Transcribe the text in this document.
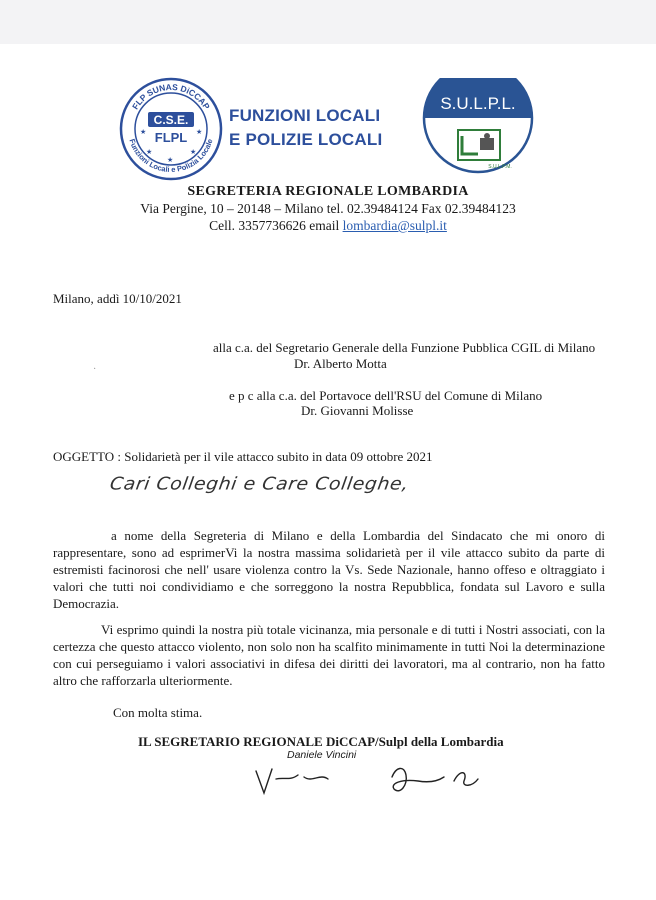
FLP SUNAS DiCCAP
Funzioni Locali e Polizia Locale
C.S.E.
FLPL
★	★
★	★
★
FUNZIONI LOCALI
E POLIZIE LOCALI
S.U.L.P.L.
S.U.L.P.M.
SEGRETERIA REGIONALE LOMBARDIA
Via Pergine, 10 – 20148 – Milano tel. 02.39484124 Fax 02.39484123
Cell. 3357736626 email lombardia@sulpl.it
Milano, addì 10/10/2021
alla c.a. del Segretario Generale della Funzione Pubblica CGIL di Milano
Dr. Alberto Motta
·
e p c alla c.a. del Portavoce dell'RSU del Comune di Milano
Dr. Giovanni Molisse
OGGETTO : Solidarietà per il vile attacco subito in data 09 ottobre 2021
Cari Colleghi e Care Colleghe,
a nome della Segreteria di Milano e della Lombardia del Sindacato che mi onoro di rappresentare, sono ad esprimerVi la nostra massima solidarietà per il vile attacco subito da parte di estremisti facinorosi che nell' usare violenza contro la Vs. Sede Nazionale, hanno offeso e oltraggiato i valori che tutti noi condividiamo e che sorreggono la nostra Repubblica, fondata sul Lavoro e sulla Democrazia.
Vi esprimo quindi la nostra più totale vicinanza, mia personale e di tutti i Nostri associati, con la certezza che questo attacco violento, non solo non ha scalfito minimamente in tutti Noi la determinazione con cui perseguiamo i valori associativi in difesa dei diritti dei lavoratori, ma al contrario, non ha fatto altro che rafforzarla ulteriormente.
Con molta stima.
IL SEGRETARIO REGIONALE DiCCAP/Sulpl della Lombardia
Daniele Vincini
